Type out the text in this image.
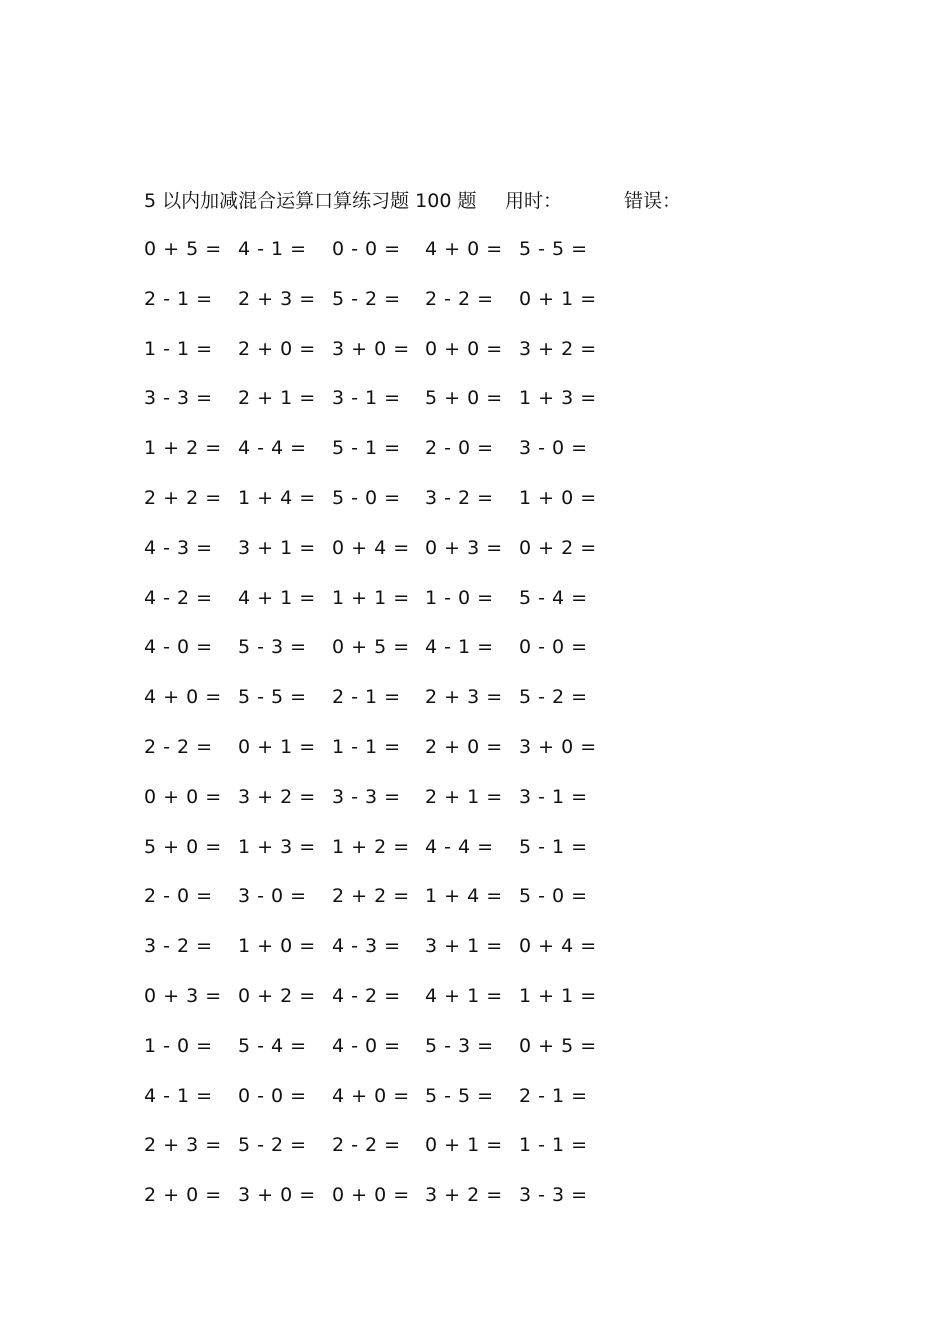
5 以内加减混合运算口算练习题 100 题 用时：	错误：
0 + 5 = 4 - 1 = 0 - 0 = 4 + 0 = 5 - 5 =
2 - 1 = 2 + 3 = 5 - 2 = 2 - 2 = 0 + 1 =
1 - 1 = 2 + 0 = 3 + 0 = 0 + 0 = 3 + 2 =
3 - 3 = 2 + 1 = 3 - 1 = 5 + 0 = 1 + 3 =
1 + 2 = 4 - 4 = 5 - 1 = 2 - 0 = 3 - 0 =
2 + 2 = 1 + 4 = 5 - 0 = 3 - 2 = 1 + 0 =
4 - 3 = 3 + 1 = 0 + 4 = 0 + 3 = 0 + 2 =
4 - 2 = 4 + 1 = 1 + 1 = 1 - 0 = 5 - 4 =
4 - 0 = 5 - 3 = 0 + 5 = 4 - 1 = 0 - 0 =
4 + 0 = 5 - 5 = 2 - 1 = 2 + 3 = 5 - 2 =
2 - 2 = 0 + 1 = 1 - 1 = 2 + 0 = 3 + 0 =
0 + 0 = 3 + 2 = 3 - 3 = 2 + 1 = 3 - 1 =
5 + 0 = 1 + 3 = 1 + 2 = 4 - 4 = 5 - 1 =
2 - 0 = 3 - 0 = 2 + 2 = 1 + 4 = 5 - 0 =
3 - 2 = 1 + 0 = 4 - 3 = 3 + 1 = 0 + 4 =
0 + 3 = 0 + 2 = 4 - 2 = 4 + 1 = 1 + 1 =
1 - 0 = 5 - 4 = 4 - 0 = 5 - 3 = 0 + 5 =
4 - 1 = 0 - 0 = 4 + 0 = 5 - 5 = 2 - 1 =
2 + 3 = 5 - 2 = 2 - 2 = 0 + 1 = 1 - 1 =
2 + 0 = 3 + 0 = 0 + 0 = 3 + 2 = 3 - 3 =
